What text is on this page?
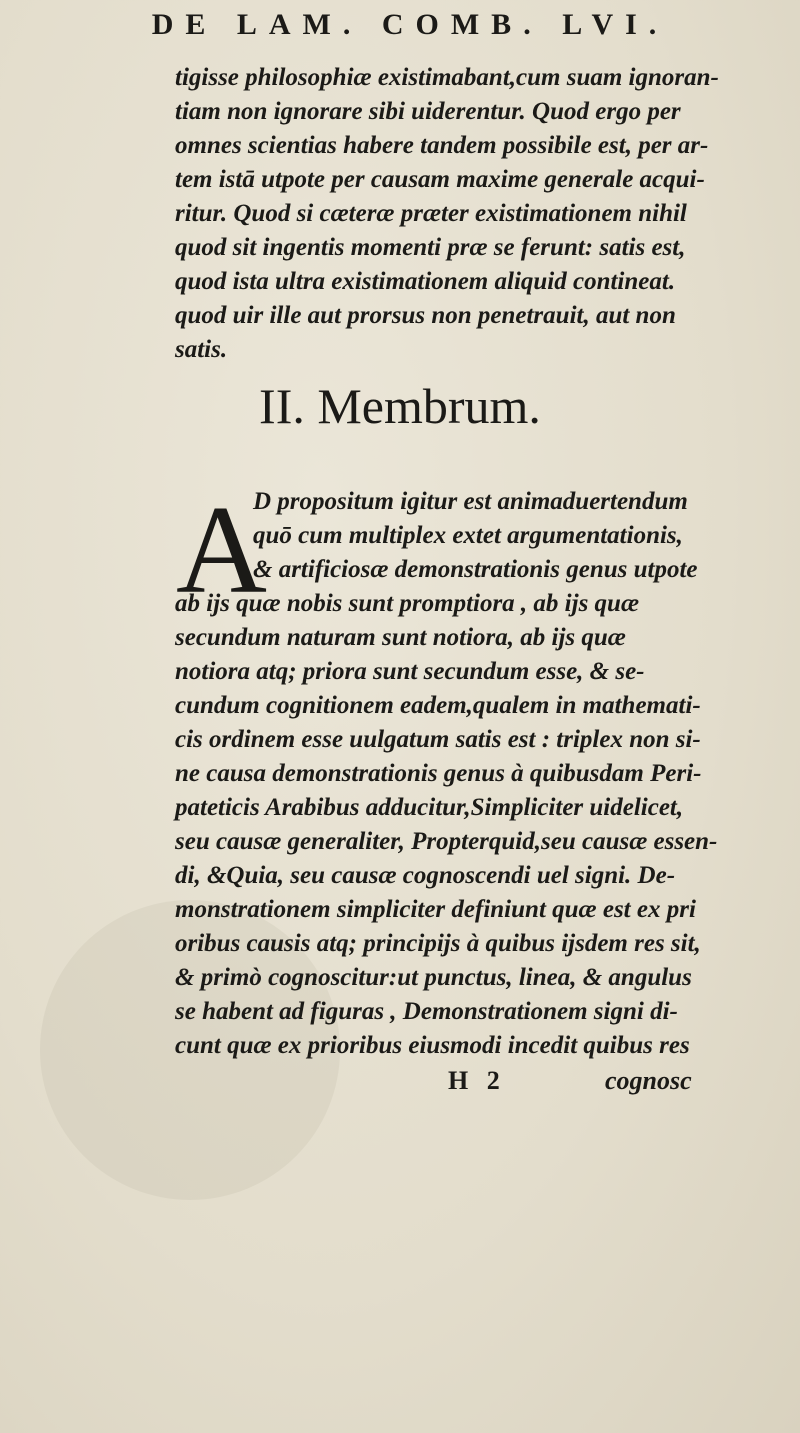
DE LAM. COMB. LVI.
tigisse philosophiæ existimabant,cum suam ignoran-
tiam non ignorare sibi uiderentur. Quod ergo per
omnes scientias habere tandem possibile est, per ar-
tem istā utpote per causam maxime generale acqui-
ritur. Quod si cæteræ præter existimationem nihil
quod sit ingentis momenti præ se ferunt: satis est,
quod ista ultra existimationem aliquid contineat.
quod uir ille aut prorsus non penetrauit, aut non
satis.
II. Membrum.
A
D propositum igitur est animaduertendum
quō cum multiplex extet argumentationis,
& artificiosæ demonstrationis genus utpote
ab ijs quæ nobis sunt promptiora , ab ijs quæ
secundum naturam sunt notiora, ab ijs quæ
notiora atq; priora sunt secundum esse, & se-
cundum cognitionem eadem,qualem in mathemati-
cis ordinem esse uulgatum satis est : triplex non si-
ne causa demonstrationis genus à quibusdam Peri-
pateticis Arabibus adducitur,Simpliciter uidelicet,
seu causæ generaliter, Propterquid,seu causæ essen-
di, &Quia, seu causæ cognoscendi uel signi. De-
monstrationem simpliciter definiunt quæ est ex pri
oribus causis atq; principijs à quibus ijsdem res sit,
& primò cognoscitur:ut punctus, linea, & angulus
se habent ad figuras , Demonstrationem signi di-
cunt quæ ex prioribus eiusmodi incedit quibus res
H 2	cognosc
